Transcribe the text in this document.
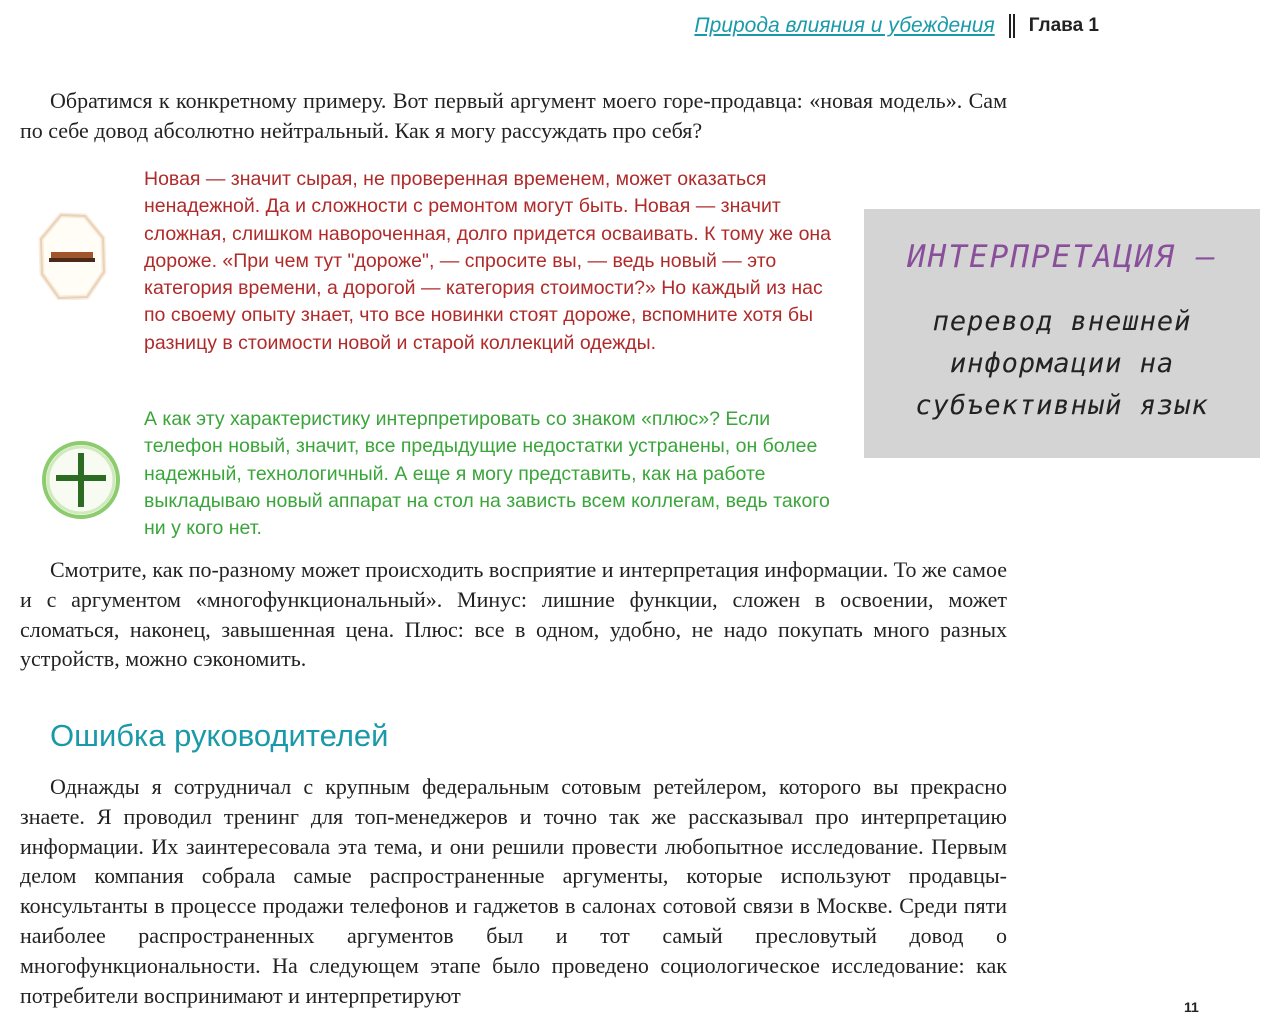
Природа влияния и убеждения Глава 1

Обратимся к конкретному примеру. Вот первый аргумент моего горе-продавца: «новая модель». Сам по себе довод абсолютно нейтральный. Как я могу рассуждать про себя?

Новая — значит сырая, не проверенная временем, может оказаться ненадежной. Да и сложности с ремонтом могут быть. Новая — значит сложная, слишком навороченная, долго придется осваивать. К тому же она дороже. «При чем тут "дороже", — спросите вы, — ведь новый — это категория времени, а дорогой — категория стоимости?» Но каждый из нас по своему опыту знает, что все новинки стоят дороже, вспомните хотя бы разницу в стоимости новой и старой коллекций одежды.

А как эту характеристику интерпретировать со знаком «плюс»? Если телефон новый, значит, все предыдущие недостатки устранены, он более надежный, технологичный. А еще я могу представить, как на работе выкладываю новый аппарат на стол на зависть всем коллегам, ведь такого ни у кого нет.

Смотрите, как по-разному может происходить восприятие и интерпретация информации. То же самое и с аргументом «многофункциональный». Минус: лишние функции, сложен в освоении, может сломаться, наконец, завышенная цена. Плюс: все в одном, удобно, не надо покупать много разных устройств, можно сэкономить.

Ошибка руководителей

Однажды я сотрудничал с крупным федеральным сотовым ретейлером, которого вы прекрасно знаете. Я проводил тренинг для топ-менеджеров и точно так же рассказывал про интерпретацию информации. Их заинтересовала эта тема, и они решили провести любопытное исследование. Первым делом компания собрала самые распространенные аргументы, которые используют продавцы-консультанты в процессе продажи телефонов и гаджетов в салонах сотовой связи в Москве. Среди пяти наиболее распространенных аргументов был и тот самый пресловутый довод о многофункциональности. На следующем этапе было проведено социологическое исследование: как потребители воспринимают и интерпретируют

ИНТЕРПРЕТАЦИЯ —
перевод внешней информации на субъективный язык
11
